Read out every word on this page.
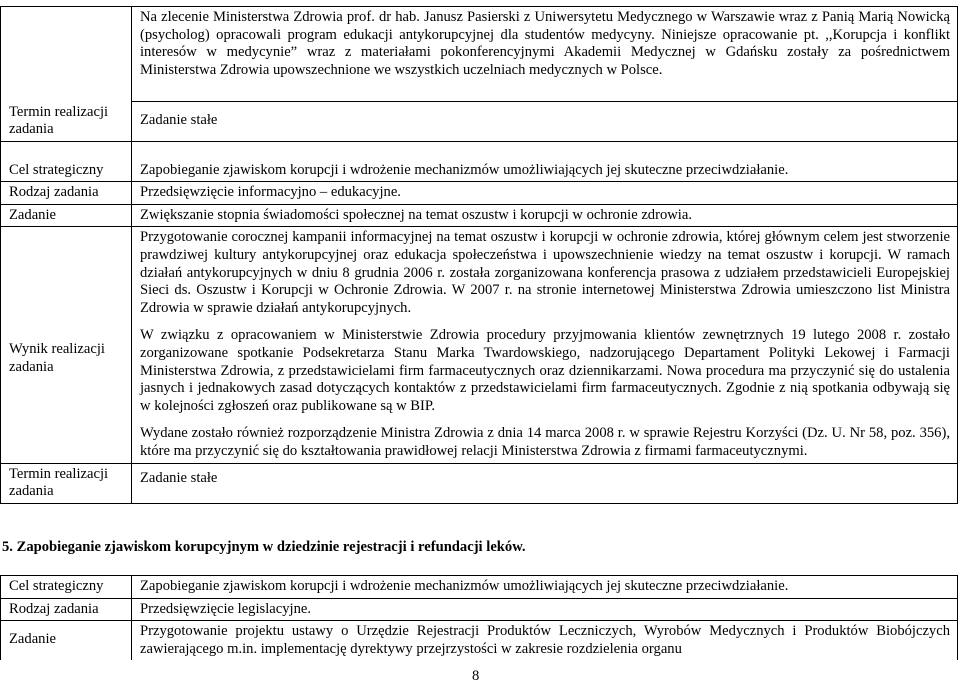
	Na zlecenie Ministerstwa Zdrowia prof. dr hab. Janusz Pasierski z Uniwersytetu Medycznego w Warszawie wraz z Panią Marią Nowicką (psycholog) opracowali program edukacji antykorupcyjnej dla studentów medycyny. Niniejsze opracowanie pt. ,,Korupcja i konflikt interesów w medycynie” wraz z materiałami pokonferencyjnymi Akademii Medycznej w Gdańsku zostały za pośrednictwem Ministerstwa Zdrowia upowszechnione we wszystkich uczelniach medycznych w Polsce.
Termin realizacji zadania	Zadanie stałe
Cel strategiczny	Zapobieganie zjawiskom korupcji i wdrożenie mechanizmów umożliwiających jej skuteczne przeciwdziałanie.
Rodzaj zadania	Przedsięwzięcie informacyjno – edukacyjne.
Zadanie	Zwiększanie stopnia świadomości społecznej na temat oszustw i korupcji w ochronie zdrowia.
Wynik realizacji zadania	Przygotowanie corocznej kampanii informacyjnej na temat oszustw i korupcji w ochronie zdrowia, której głównym celem jest stworzenie prawdziwej kultury antykorupcyjnej oraz edukacja społeczeństwa i upowszechnienie wiedzy na temat oszustw i korupcji. W ramach działań antykorupcyjnych w dniu 8 grudnia 2006 r. została zorganizowana konferencja prasowa z udziałem przedstawicieli Europejskiej Sieci ds. Oszustw i Korupcji w Ochronie Zdrowia. W 2007 r. na stronie internetowej Ministerstwa Zdrowia umieszczono list Ministra Zdrowia w sprawie działań antykorupcyjnych.

W związku z opracowaniem w Ministerstwie Zdrowia procedury przyjmowania klientów zewnętrznych 19 lutego 2008 r. zostało zorganizowane spotkanie Podsekretarza Stanu Marka Twardowskiego, nadzorującego Departament Polityki Lekowej i Farmacji Ministerstwa Zdrowia, z przedstawicielami firm farmaceutycznych oraz dziennikarzami. Nowa procedura ma przyczynić się do ustalenia jasnych i jednakowych zasad dotyczących kontaktów z przedstawicielami firm farmaceutycznych. Zgodnie z nią spotkania odbywają się w kolejności zgłoszeń oraz publikowane są w BIP.

Wydane zostało również rozporządzenie Ministra Zdrowia z dnia 14 marca 2008 r. w sprawie Rejestru Korzyści (Dz. U. Nr 58, poz. 356), które ma przyczynić się do kształtowania prawidłowej relacji Ministerstwa Zdrowia z firmami farmaceutycznymi.

Termin realizacji zadania	Zadanie stałe
5. Zapobieganie zjawiskom korupcyjnym w dziedzinie rejestracji i refundacji leków.
Cel strategiczny	Zapobieganie zjawiskom korupcji i wdrożenie mechanizmów umożliwiających jej skuteczne przeciwdziałanie.
Rodzaj zadania	Przedsięwzięcie legislacyjne.
Zadanie	Przygotowanie projektu ustawy o Urzędzie Rejestracji Produktów Leczniczych, Wyrobów Medycznych i Produktów Biobójczych zawierającego m.in. implementację dyrektywy przejrzystości w zakresie rozdzielenia organu
8
